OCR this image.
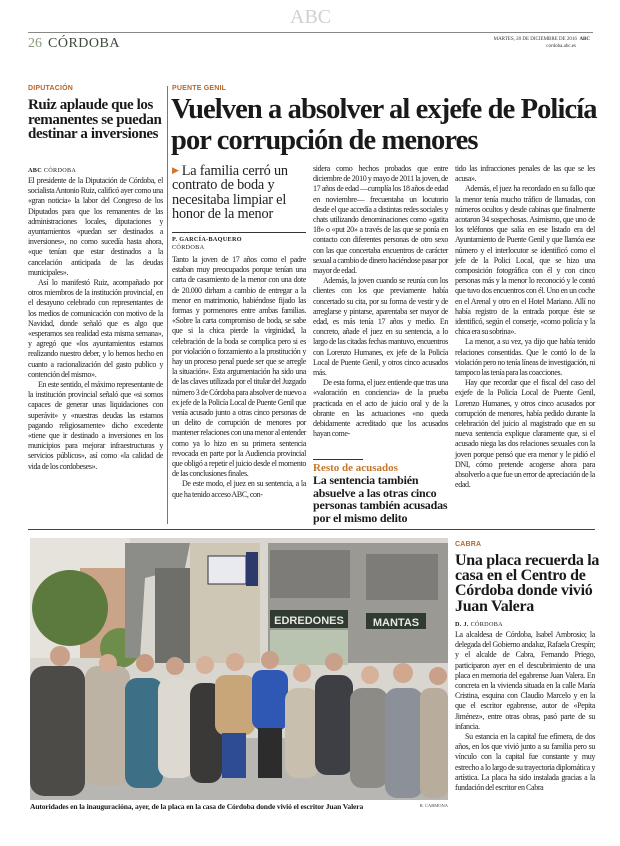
26 CÓRDOBA	MARTES, 20 DE DICIEMBRE DE 2016 ABC
cordoba.abc.es
ABC
DIPUTACIÓN
Ruiz aplaude que los remanentes se puedan destinar a inversiones
ABC CÓRDOBA

El presidente de la Diputación de Córdoba, el socialista Antonio Ruiz, calificó ayer como una «gran noticia» la labor del Congreso de los Diputados para que los remanentes de las administraciones locales, diputaciones y ayuntamientos «puedan ser destinados a inversiones», no como sucedía hasta ahora, «que tenían que estar destinados a la cancelación anticipada de las deudas municipales».

Así lo manifestó Ruiz, acompañado por otros miembros de la institución provincial, en el desayuno celebrado con representantes de los medios de comunicación con motivo de la Navidad, donde señaló que es algo que «esperamos sea realidad esta misma semana», y agregó que «los ayuntamientos estamos realizando nuestro deber, y lo hemos hecho en cuanto a racionalización del gasto publico y contención del mismo».

En este sentido, el máximo representante de la institución provincial señaló que «si somos capaces de generar unas liquidaciones con superávit» y «nuestras deudas las estamos pagando religiosamente» dicho excedente «tiene que ir destinado a inversiones en los municipios para mejorar infraestructuras y servicios públicos», así como «la calidad de vida de los cordobeses».

PUENTE GENIL
Vuelven a absolver al exjefe de Policía por corrupción de menores
▶ La familia cerró un contrato de boda y necesitaba limpiar el honor de la menor
P. GARCÍA-BAQUERO
CÓRDOBA

Tanto la joven de 17 años como el padre estaban muy preocupados porque tenían una carta de casamiento de la menor con una dote de 20.000 dirham a cambio de entregar a la menor en matrimonio, habiéndose fijado las formas y pormenores entre ambas familias. «Sobre la carta compromiso de boda, se sabe que si la chica pierde la virginidad, la celebración de la boda se complica pero si es por violación o forzamiento a la prostitución y hay un proceso penal puede ser que se arregle la situación». Esta argumentación ha sido una de las claves utilizada por el titular del Juzgado número 3 de Córdoba para absolver de nuevo a ex jefe de la Policía Local de Puente Genil que venía acusado junto a otras cinco personas de un delito de corrupción de menores por mantener relaciones con una menor al entender como ya lo hizo en su primera sentencia revocada en parte por la Audiencia provincial que obligó a repetir el juicio desde el momento de las conclusiones finales.

De este modo, el juez en su sentencia, a la que ha tenido acceso ABC, con-

sidera como hechos probados que entre diciembre de 2010 y mayo de 2011 la joven, de 17 años de edad —cumplía los 18 años de edad en noviembre— frecuentaba un locutorio desde el que accedía a distintas redes sociales y chats utilizando denominaciones como «gatita 18» o «put 20» a través de las que se ponía en contacto con diferentes personas de otro sexo con las que concertaba encuentros de carácter sexual a cambio de dinero haciéndose pasar por mayor de edad.

Además, la joven cuando se reunía con los clientes con los que previamente había concertado su cita, por su forma de vestir y de arreglarse y pintarse, aparentaba ser mayor de edad, es más tenía 17 años y medio. En concreto, añade el juez en su sentencia, a lo largo de las citadas fechas mantuvo, encuentros con Lorenzo Humanes, ex jefe de la Policía Local de Puente Genil, y otros cinco acusados más.

De esta forma, el juez entiende que tras una «valoración en conciencia» de la prueba practicada en el acto de juicio oral y de la obrante en las actuaciones «no queda debidamente acreditado que los acusados hayan come-

Resto de acusados
La sentencia también absuelve a las otras cinco personas también acusadas por el mismo delito

tido las infracciones penales de las que se les acusa».

Además, el juez ha recordado en su fallo que la menor tenía mucho tráfico de llamadas, con números ocultos y desde cabinas que finalmente acotaron 34 sospechosas. Asimismo, que uno de los teléfonos que salía en ese listado era del Ayuntamiento de Puente Genil y que llamóa ese número y el interlocutor se identificó como el jefe de la Polici Local, que se hizo una composición fotográfica con él y con cinco personas más y la menor lo reconoció y le contó que tuvo dos encuentros con él. Uno en un coche en el Arenal y otro en el Hotel Mariano. Allí no había registro de la entrada porque éste se identificó, según el conserje, «como policía y la chica era su sobrina».

La menor, a su vez, ya dijo que había tenido relaciones consentidas. Que le contó lo de la violación pero no tenía líneas de investigación, ni tampoco las tenía para las coacciones.

Hay que recordar que el fiscal del caso del exjefe de la Policía Local de Puente Genil, Lorenzo Humanes, y otros cinco acusados por corrupción de menores, había pedido durante la celebración del juicio al magistrado que en su nueva sentencia explique claramente que, si el acusado niega las dos relaciones sexuales con la joven porque pensó que era menor y le pidió el DNI, cómo pretende acogerse ahora para absolverlo a que fue un error de apreciación de la edad.

EDREDONES	MANTAS
Autoridades en la inauguracióna, ayer, de la placa en la casa de Córdoba donde vivió el escritor Juan Valera	R. CARMONA
CABRA
Una placa recuerda la casa en el Centro de Córdoba donde vivió Juan Valera
D. J. CÓRDOBA

La alcaldesa de Córdoba, Isabel Ambrosio; la delegada del Gobierno andaluz, Rafaela Crespín; y el alcalde de Cabra, Fernando Priego, participaron ayer en el descubrimiento de una placa en memoria del egabrense Juan Valera. En concreta en la vivienda situada en la calle María Cristina, esquina con Claudio Marcelo y en la que el escritor egabrense, autor de «Pepita Jiménez», entre otras obras, pasó parte de su infancia.

Su estancia en la capital fue efímera, de dos años, en los que vivió junto a su familia pero su vínculo con la capital fue constante y muy estrecho a lo largo de su trayectoria diplomática y artística. La placa ha sido instalada gracias a la fundación del escritor en Cabra
